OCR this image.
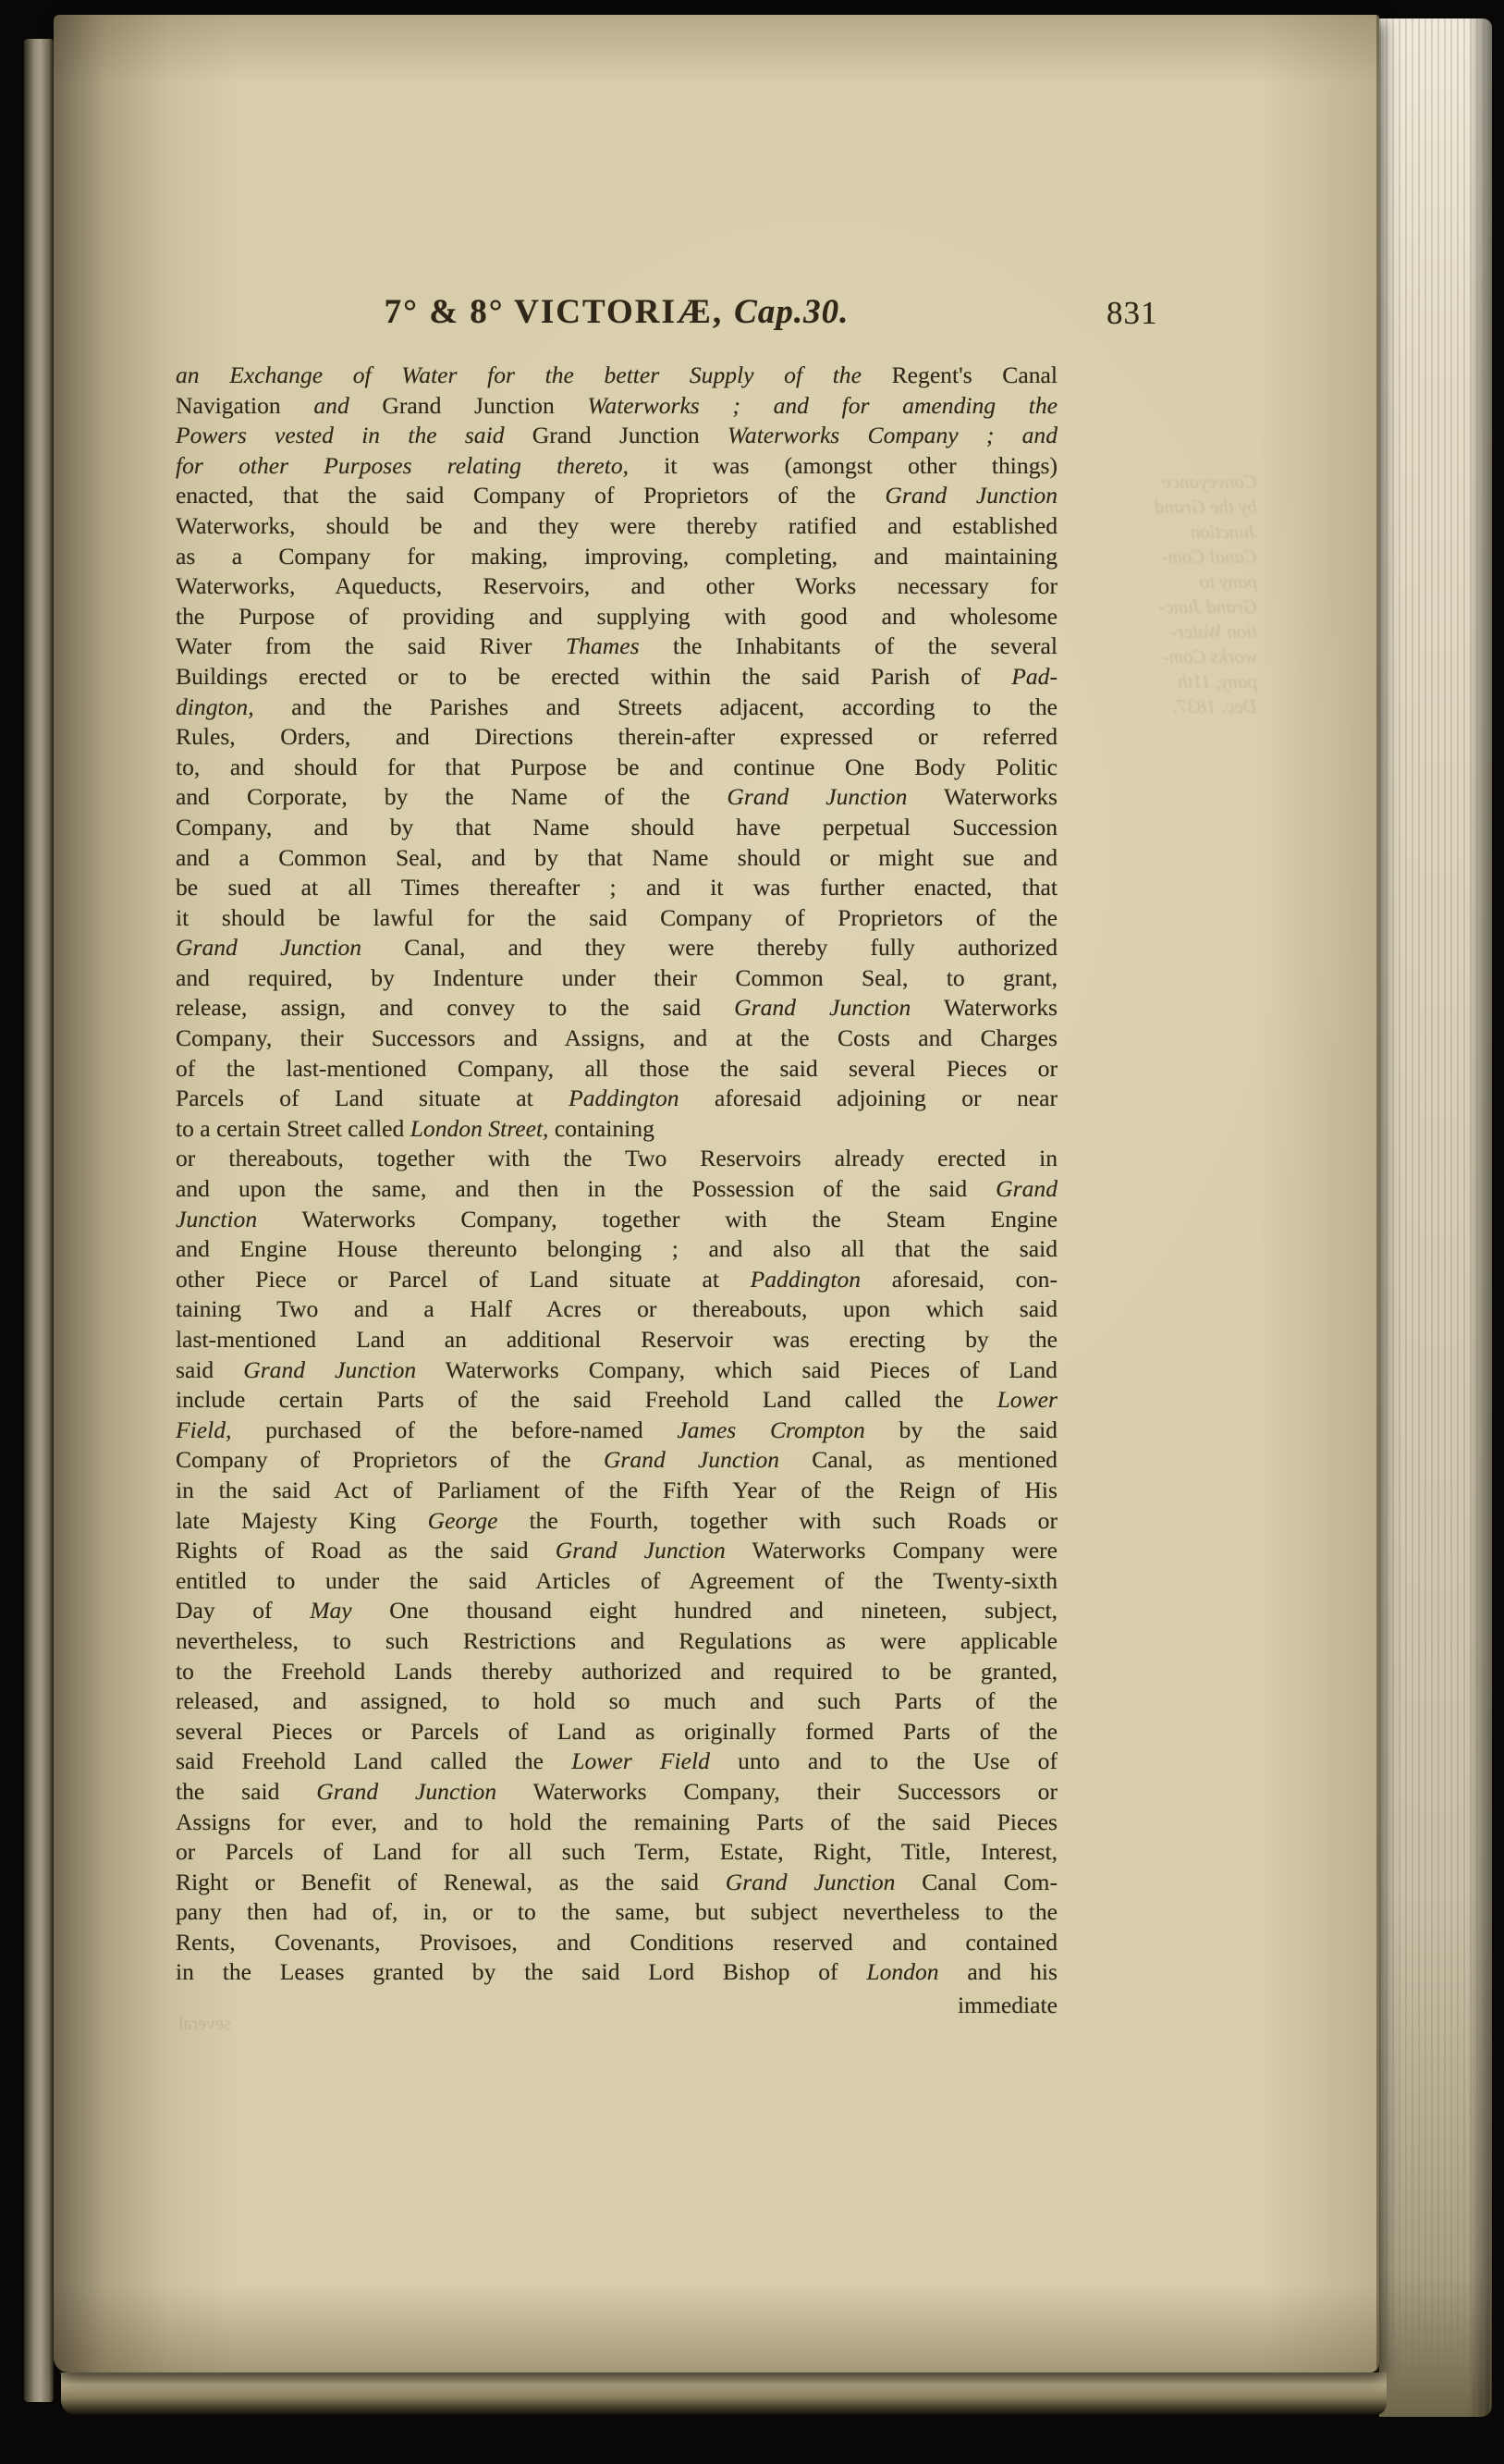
7° & 8° VICTORIÆ, Cap.30.	831
an Exchange of Water for the better Supply of the Regent's Canal
Navigation and Grand Junction Waterworks ; and for amending the
Powers vested in the said Grand Junction Waterworks Company ; and
for other Purposes relating thereto, it was (amongst other things)
enacted, that the said Company of Proprietors of the Grand Junction
Waterworks, should be and they were thereby ratified and established
as a Company for making, improving, completing, and maintaining
Waterworks, Aqueducts, Reservoirs, and other Works necessary for
the Purpose of providing and supplying with good and wholesome
Water from the said River Thames the Inhabitants of the several
Buildings erected or to be erected within the said Parish of Pad-
dington, and the Parishes and Streets adjacent, according to the
Rules, Orders, and Directions therein-after expressed or referred
to, and should for that Purpose be and continue One Body Politic
and Corporate, by the Name of the Grand Junction Waterworks
Company, and by that Name should have perpetual Succession
and a Common Seal, and by that Name should or might sue and
be sued at all Times thereafter ; and it was further enacted, that
it should be lawful for the said Company of Proprietors of the
Grand Junction Canal, and they were thereby fully authorized
and required, by Indenture under their Common Seal, to grant,
release, assign, and convey to the said Grand Junction Waterworks
Company, their Successors and Assigns, and at the Costs and Charges
of the last-mentioned Company, all those the said several Pieces or
Parcels of Land situate at Paddington aforesaid adjoining or near
to a certain Street called London Street, containing
or thereabouts, together with the Two Reservoirs already erected in
and upon the same, and then in the Possession of the said Grand
Junction Waterworks Company, together with the Steam Engine
and Engine House thereunto belonging ; and also all that the said
other Piece or Parcel of Land situate at Paddington aforesaid, con-
taining Two and a Half Acres or thereabouts, upon which said
last-mentioned Land an additional Reservoir was erecting by the
said Grand Junction Waterworks Company, which said Pieces of Land
include certain Parts of the said Freehold Land called the Lower
Field, purchased of the before-named James Crompton by the said
Company of Proprietors of the Grand Junction Canal, as mentioned
in the said Act of Parliament of the Fifth Year of the Reign of His
late Majesty King George the Fourth, together with such Roads or
Rights of Road as the said Grand Junction Waterworks Company were
entitled to under the said Articles of Agreement of the Twenty-sixth
Day of May One thousand eight hundred and nineteen, subject,
nevertheless, to such Restrictions and Regulations as were applicable
to the Freehold Lands thereby authorized and required to be granted,
released, and assigned, to hold so much and such Parts of the
several Pieces or Parcels of Land as originally formed Parts of the
said Freehold Land called the Lower Field unto and to the Use of
the said Grand Junction Waterworks Company, their Successors or
Assigns for ever, and to hold the remaining Parts of the said Pieces
or Parcels of Land for all such Term, Estate, Right, Title, Interest,
Right or Benefit of Renewal, as the said Grand Junction Canal Com-
pany then had of, in, or to the same, but subject nevertheless to the
Rents, Covenants, Provisoes, and Conditions reserved and contained
in the Leases granted by the said Lord Bishop of London and his
immediate
Conveyance
by the Grand
Junction
Canal Com-
pany to
Grand Junc-
tion Water-
works Com-
pany, 11th
Dec. 1837.
several
